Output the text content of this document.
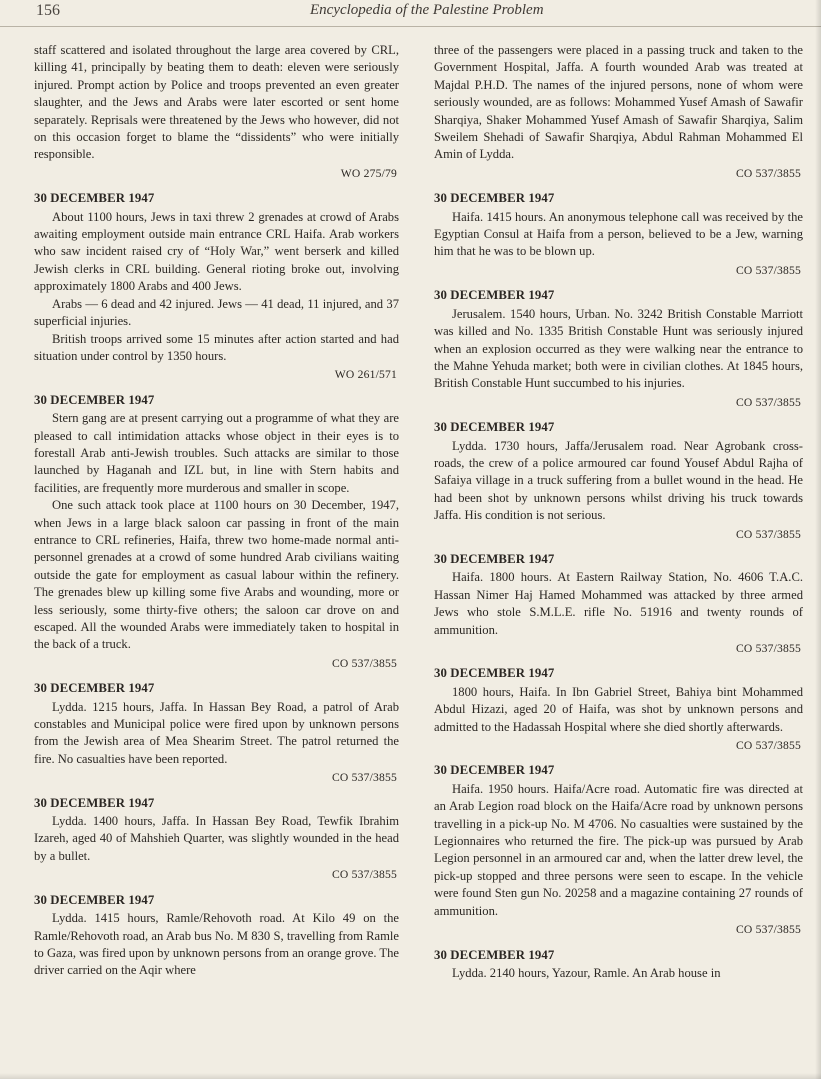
156	Encyclopedia of the Palestine Problem

staff scattered and isolated throughout the large area covered by CRL, killing 41, principally by beating them to death: eleven were seriously injured. Prompt action by Police and troops prevented an even greater slaughter, and the Jews and Arabs were later escorted or sent home separately. Reprisals were threatened by the Jews who however, did not on this occasion forget to blame the “dissidents” who were initially responsible.

WO 275/79
30 DECEMBER 1947

About 1100 hours, Jews in taxi threw 2 grenades at crowd of Arabs awaiting employment outside main entrance CRL Haifa. Arab workers who saw incident raised cry of “Holy War,” went berserk and killed Jewish clerks in CRL building. General rioting broke out, involving approximately 1800 Arabs and 400 Jews.

Arabs — 6 dead and 42 injured. Jews — 41 dead, 11 injured, and 37 superficial injuries.

British troops arrived some 15 minutes after action started and had situation under control by 1350 hours.

WO 261/571
30 DECEMBER 1947

Stern gang are at present carrying out a programme of what they are pleased to call intimidation attacks whose object in their eyes is to forestall Arab anti-Jewish troubles. Such attacks are similar to those launched by Haganah and IZL but, in line with Stern habits and facilities, are frequently more murderous and smaller in scope.

One such attack took place at 1100 hours on 30 December, 1947, when Jews in a large black saloon car passing in front of the main entrance to CRL refineries, Haifa, threw two home-made normal anti-personnel grenades at a crowd of some hundred Arab civilians waiting outside the gate for employment as casual labour within the refinery. The grenades blew up killing some five Arabs and wounding, more or less seriously, some thirty-five others; the saloon car drove on and escaped. All the wounded Arabs were immediately taken to hospital in the back of a truck.

CO 537/3855
30 DECEMBER 1947

Lydda. 1215 hours, Jaffa. In Hassan Bey Road, a patrol of Arab constables and Municipal police were fired upon by unknown persons from the Jewish area of Mea Shearim Street. The patrol returned the fire. No casualties have been reported.

CO 537/3855
30 DECEMBER 1947

Lydda. 1400 hours, Jaffa. In Hassan Bey Road, Tewfik Ibrahim Izareh, aged 40 of Mahshieh Quarter, was slightly wounded in the head by a bullet.

CO 537/3855
30 DECEMBER 1947

Lydda. 1415 hours, Ramle/Rehovoth road. At Kilo 49 on the Ramle/Rehovoth road, an Arab bus No. M 830 S, travelling from Ramle to Gaza, was fired upon by unknown persons from an orange grove. The driver carried on the Aqir where

three of the passengers were placed in a passing truck and taken to the Government Hospital, Jaffa. A fourth wounded Arab was treated at Majdal P.H.D. The names of the injured persons, none of whom were seriously wounded, are as follows: Mohammed Yusef Amash of Sawafir Sharqiya, Shaker Mohammed Yusef Amash of Sawafir Sharqiya, Salim Sweilem Shehadi of Sawafir Sharqiya, Abdul Rahman Mohammed El Amin of Lydda.

CO 537/3855
30 DECEMBER 1947

Haifa. 1415 hours. An anonymous telephone call was received by the Egyptian Consul at Haifa from a person, believed to be a Jew, warning him that he was to be blown up.

CO 537/3855
30 DECEMBER 1947

Jerusalem. 1540 hours, Urban. No. 3242 British Constable Marriott was killed and No. 1335 British Constable Hunt was seriously injured when an explosion occurred as they were walking near the entrance to the Mahne Yehuda market; both were in civilian clothes. At 1845 hours, British Constable Hunt succumbed to his injuries.

CO 537/3855
30 DECEMBER 1947

Lydda. 1730 hours, Jaffa/Jerusalem road. Near Agrobank cross-roads, the crew of a police armoured car found Yousef Abdul Rajha of Safaiya village in a truck suffering from a bullet wound in the head. He had been shot by unknown persons whilst driving his truck towards Jaffa. His condition is not serious.

CO 537/3855
30 DECEMBER 1947

Haifa. 1800 hours. At Eastern Railway Station, No. 4606 T.A.C. Hassan Nimer Haj Hamed Mohammed was attacked by three armed Jews who stole S.M.L.E. rifle No. 51916 and twenty rounds of ammunition.

CO 537/3855
30 DECEMBER 1947

1800 hours, Haifa. In Ibn Gabriel Street, Bahiya bint Mohammed Abdul Hizazi, aged 20 of Haifa, was shot by unknown persons and admitted to the Hadassah Hospital where she died shortly afterwards.

CO 537/3855
30 DECEMBER 1947

Haifa. 1950 hours. Haifa/Acre road. Automatic fire was directed at an Arab Legion road block on the Haifa/Acre road by unknown persons travelling in a pick-up No. M 4706. No casualties were sustained by the Legionnaires who returned the fire. The pick-up was pursued by Arab Legion personnel in an armoured car and, when the latter drew level, the pick-up stopped and three persons were seen to escape. In the vehicle were found Sten gun No. 20258 and a magazine containing 27 rounds of ammunition.

CO 537/3855
30 DECEMBER 1947

Lydda. 2140 hours, Yazour, Ramle. An Arab house in
